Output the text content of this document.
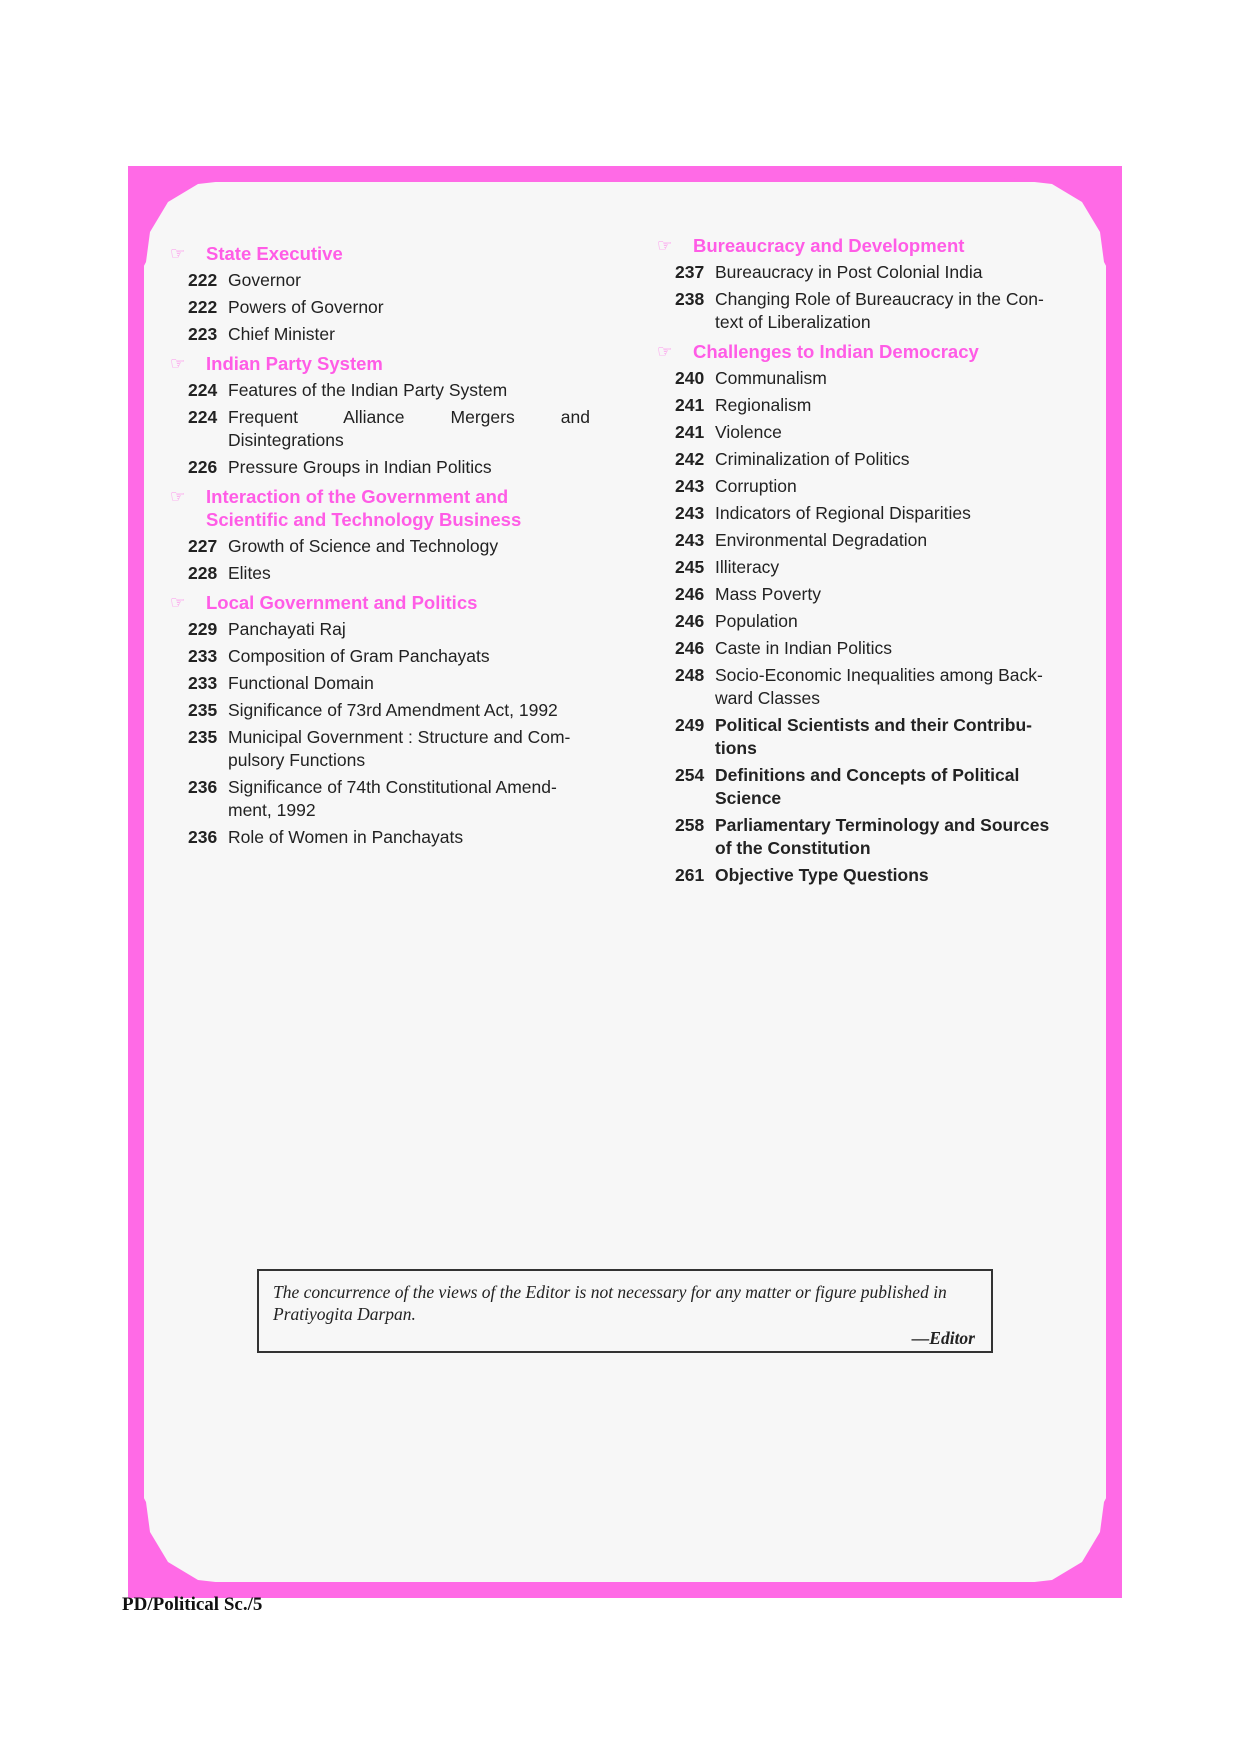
☞	State Executive
222 Governor
222 Powers of Governor
223 Chief Minister
☞	Indian Party System
224 Features of the Indian Party System
224 Frequent Alliance Mergers and
Disintegrations
226 Pressure Groups in Indian Politics
☞	Interaction of the Government and Scientific and Technology Business
227 Growth of Science and Technology
228 Elites
☞	Local Government and Politics
229 Panchayati Raj
233 Composition of Gram Panchayats
233 Functional Domain
235 Significance of 73rd Amendment Act, 1992
235 Municipal Government : Structure and Com-pulsory Functions
236 Significance of 74th Constitutional Amend-ment, 1992
236 Role of Women in Panchayats
☞	Bureaucracy and Development
237 Bureaucracy in Post Colonial India
238 Changing Role of Bureaucracy in the Con-text of Liberalization
☞	Challenges to Indian Democracy
240 Communalism
241 Regionalism
241 Violence
242 Criminalization of Politics
243 Corruption
243 Indicators of Regional Disparities
243 Environmental Degradation
245 Illiteracy
246 Mass Poverty
246 Population
246 Caste in Indian Politics
248 Socio-Economic Inequalities among Back-ward Classes
249 Political Scientists and their Contribu-tions
254 Definitions and Concepts of Political Science
258 Parliamentary Terminology and Sources of the Constitution
261 Objective Type Questions
The concurrence of the views of the Editor is not necessary for any matter or figure published in Pratiyogita Darpan.
—Editor
PD/Political Sc./5
